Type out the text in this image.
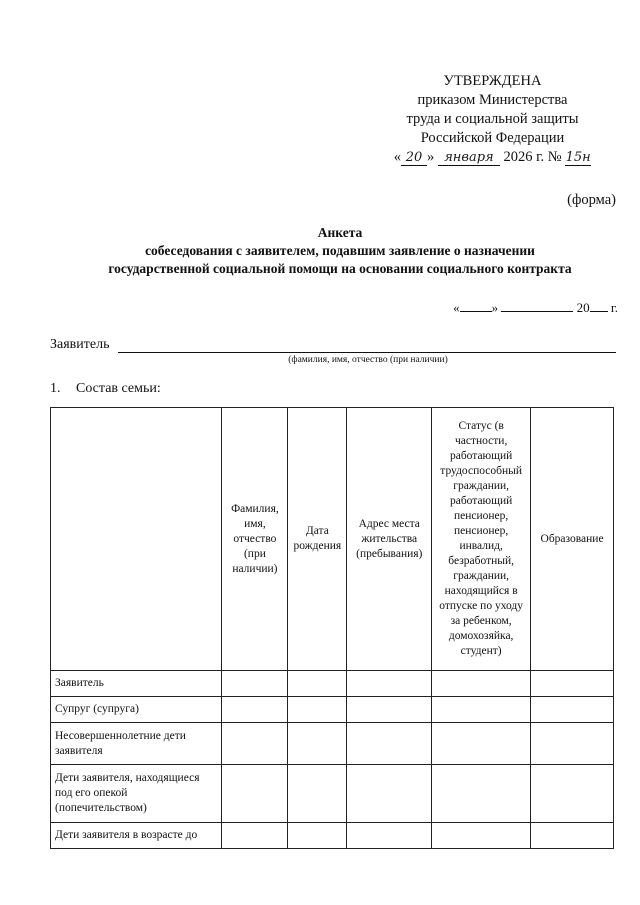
УТВЕРЖДЕНА
приказом Министерства
труда и социальной защиты
Российской Федерации
« 20 » января 2026 г. № 15н
(форма)
Анкета
собеседования с заявителем, подавшим заявление о назначении
государственной социальной помощи на основании социального контракта
« »	20 г.
Заявитель
(фамилия, имя, отчество (при наличии)
1. Состав семьи:
	Фамилия, имя, отчество (при наличии)	Дата рождения	Адрес места жительства (пребывания)	Статус (в частности, работающий трудоспособный граждании, работающий пенсионер, пенсионер, инвалид, безработный, граждании, находящийся в отпуске по уходу за ребенком, домохозяйка, студент)	Образование
Заявитель					
Супруг (супруга)					
Несовершеннолетние дети заявителя					
Дети заявителя, находящиеся под его опекой (попечительством)					
Дети заявителя в возрасте до					
